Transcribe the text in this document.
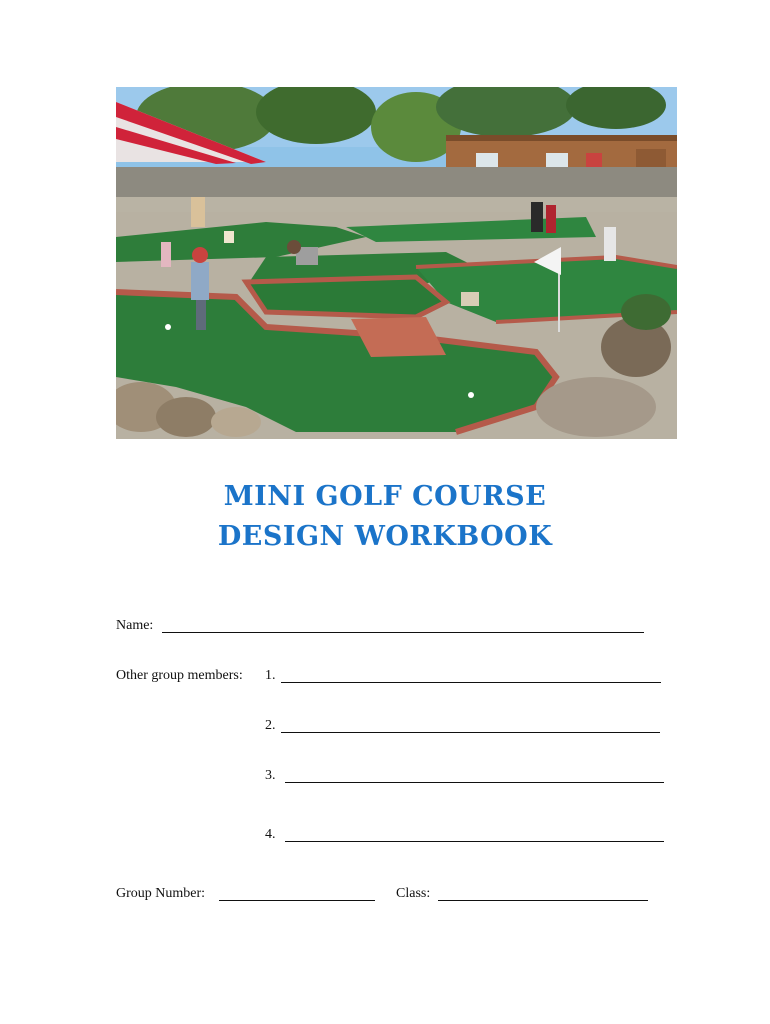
MINI GOLF COURSE
DESIGN WORKBOOK
Name:
Other group members: 1.
2.
3.
4.
Group Number:	Class:
